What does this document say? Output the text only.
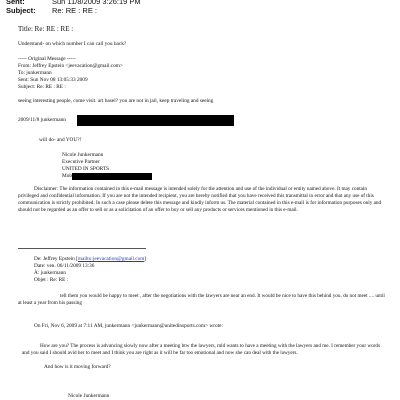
Sent:	Sun 11/8/2009 3:26:19 PM
Subject: Re: RE : RE :
Title: Re: RE : RE :
Understand- on which number I can call you back?
----- Original Message -----
From: Jeffrey Epstein <jeevacation@gmail.com>
To: junkermann
Sent: Sun Nov 08 13:05:33 2009
Subject: Re: RE : RE :
seeing interesting people, come visit. art basel? you are not in jail, keep traveling and seeing
2009/11/8 junkermann
will do- and YOU?!
Nicole Junkermann
Executive Partner
UNITED IN SPORTS
Mob
Disclaimer: The information contained in this e-mail message is intended solely for the attention and use of the individual or entity named above. It may contain privileged and confidential information. If you are not the intended recipient, you are hereby notified that you have received this transmittal in error and that any use of this communication is strictly prohibited. In such a case please delete this message and kindly inform us. The material contained in this e-mail is for information purposes only and should not be regarded as an offer to sell or as a solicitation of an offer to buy or sell any products or services mentioned in this e-mail.
De: Jeffrey Epstein [mailto:jeevacation@gmail.com]
Date: ven. 06/11/2009 13:36
À: junkermann
Objet : Re: RE :
tell them you would be happy to meet , after the negotiations with the lawyers are near an end. It would be nice to have this behind you. do not meet .... until at least a year from his passing
On Fri, Nov 6, 2009 at 7:11 AM, junkermann <junkermann@unitedinsports.com> wrote:
How are you? The process is advancing slowly now after a meeting btw the lawyers, mld wants to have a meeting with the lawyers and me. I remember your words and you said I should avid her to meet and I think you are right as it will be far too emotional and now she can deal with the lawyers.
And how is it moving forward?
Nicole Junkermann
